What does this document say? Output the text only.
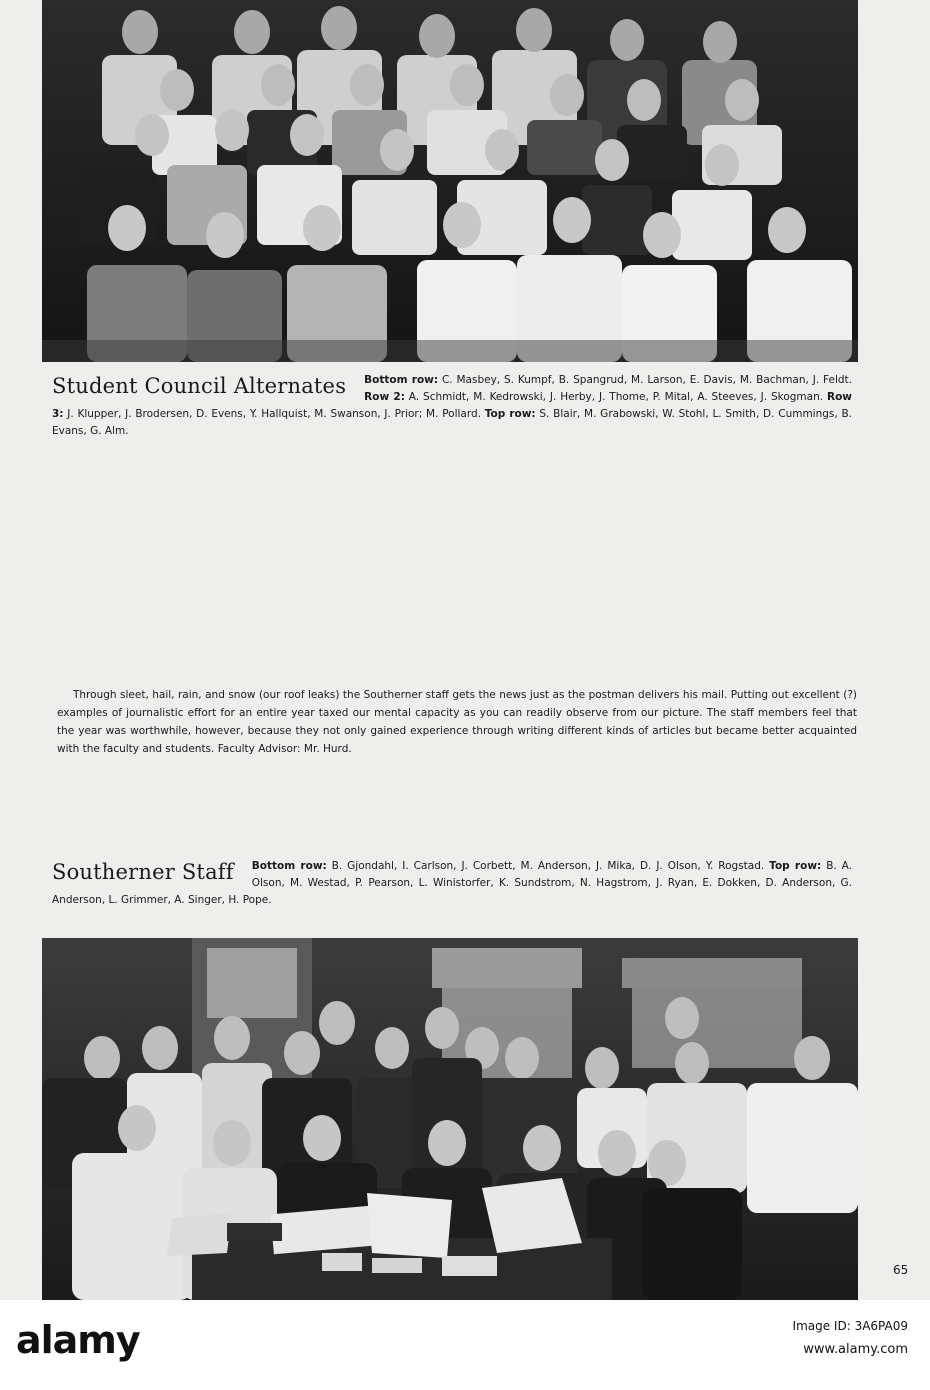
Student Council Alternates Bottom row: C. Masbey, S. Kumpf, B. Spangrud, M. Larson, E. Davis, M. Bachman, J. Feldt. Row 2: A. Schmidt, M. Kedrowski, J. Herby, J. Thome, P. Mital, A. Steeves, J. Skogman. Row 3: J. Klupper, J. Brodersen, D. Evens, Y. Hallquist, M. Swanson, J. Prior; M. Pollard. Top row: S. Blair, M. Grabowski, W. Stohl, L. Smith, D. Cummings, B. Evans, G. Alm.
Through sleet, hail, rain, and snow (our roof leaks) the Southerner staff gets the news just as the postman delivers his mail. Putting out excellent (?) examples of journalistic effort for an entire year taxed our mental capacity as you can readily observe from our picture. The staff members feel that the year was worthwhile, however, because they not only gained experience through writing different kinds of articles but became better acquainted with the faculty and students. Faculty Advisor: Mr. Hurd.
Southerner Staff Bottom row: B. Gjondahl, I. Carlson, J. Corbett, M. Anderson, J. Mika, D. J. Olson, Y. Rogstad. Top row: B. A. Olson, M. Westad, P. Pearson, L. Winistorfer, K. Sundstrom, N. Hagstrom, J. Ryan, E. Dokken, D. Anderson, G. Anderson, L. Grimmer, A. Singer, H. Pope.
65
alamy	Image ID: 3A6PA09
www.alamy.com
